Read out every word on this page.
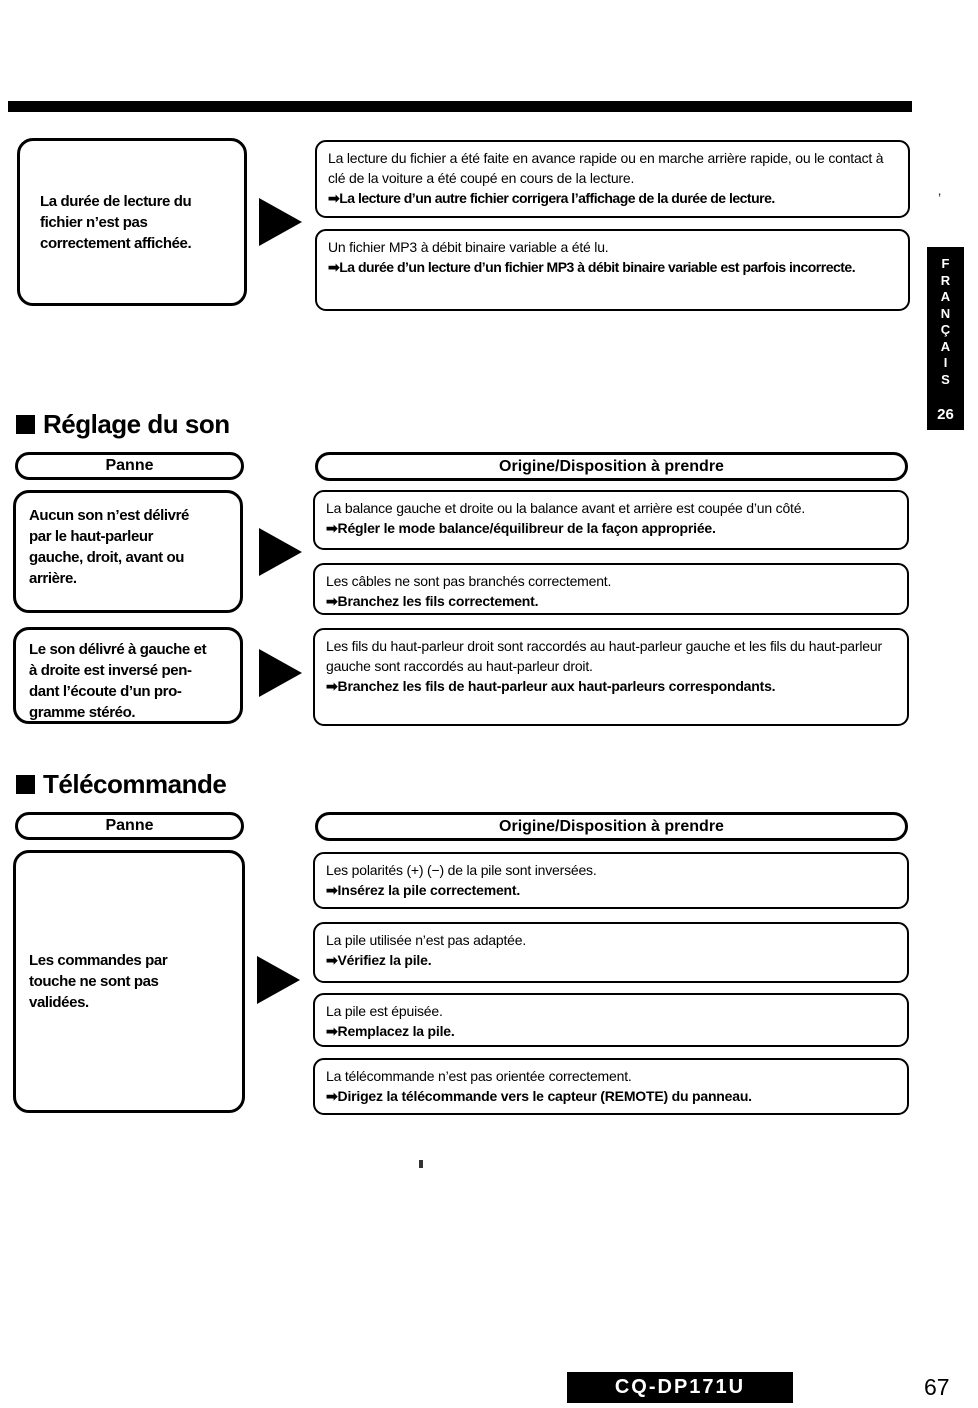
La durée de lecture du
fichier n’est pas
correctement affichée.
La lecture du fichier a été faite en avance rapide ou en marche arrière rapide, ou le contact à clé de la voiture a été coupé en cours de la lecture.
➡La lecture d’un autre fichier corrigera l’affichage de la durée de lecture.
Un fichier MP3 à débit binaire variable a été lu.
➡La durée d’un lecture d’un fichier MP3 à débit binaire variable est parfois incorrecte.
’
F
R
A
N
Ç
A
I
S
26
Réglage du son
Panne	Origine/Disposition à prendre
Aucun son n’est délivré
par le haut-parleur
gauche, droit, avant ou
arrière.
La balance gauche et droite ou la balance avant et arrière est coupée d’un côté.
➡Régler le mode balance/équilibreur de la façon appropriée.
Les câbles ne sont pas branchés correctement.
➡Branchez les fils correctement.
Le son délivré à gauche et
à droite est inversé pen-
dant l’écoute d’un pro-
gramme stéréo.
Les fils du haut-parleur droit sont raccordés au haut-parleur gauche et les fils du haut-parleur gauche sont raccordés au haut-parleur droit.
➡Branchez les fils de haut-parleur aux haut-parleurs correspondants.
Télécommande
Panne	Origine/Disposition à prendre
Les commandes par
touche ne sont pas
validées.
Les polarités (+) (−) de la pile sont inversées.
➡Insérez la pile correctement.
La pile utilisée n’est pas adaptée.
➡Vérifiez la pile.
La pile est épuisée.
➡Remplacez la pile.
La télécommande n’est pas orientée correctement.
➡Dirigez la télécommande vers le capteur (REMOTE) du panneau.
CQ-DP171U	67
